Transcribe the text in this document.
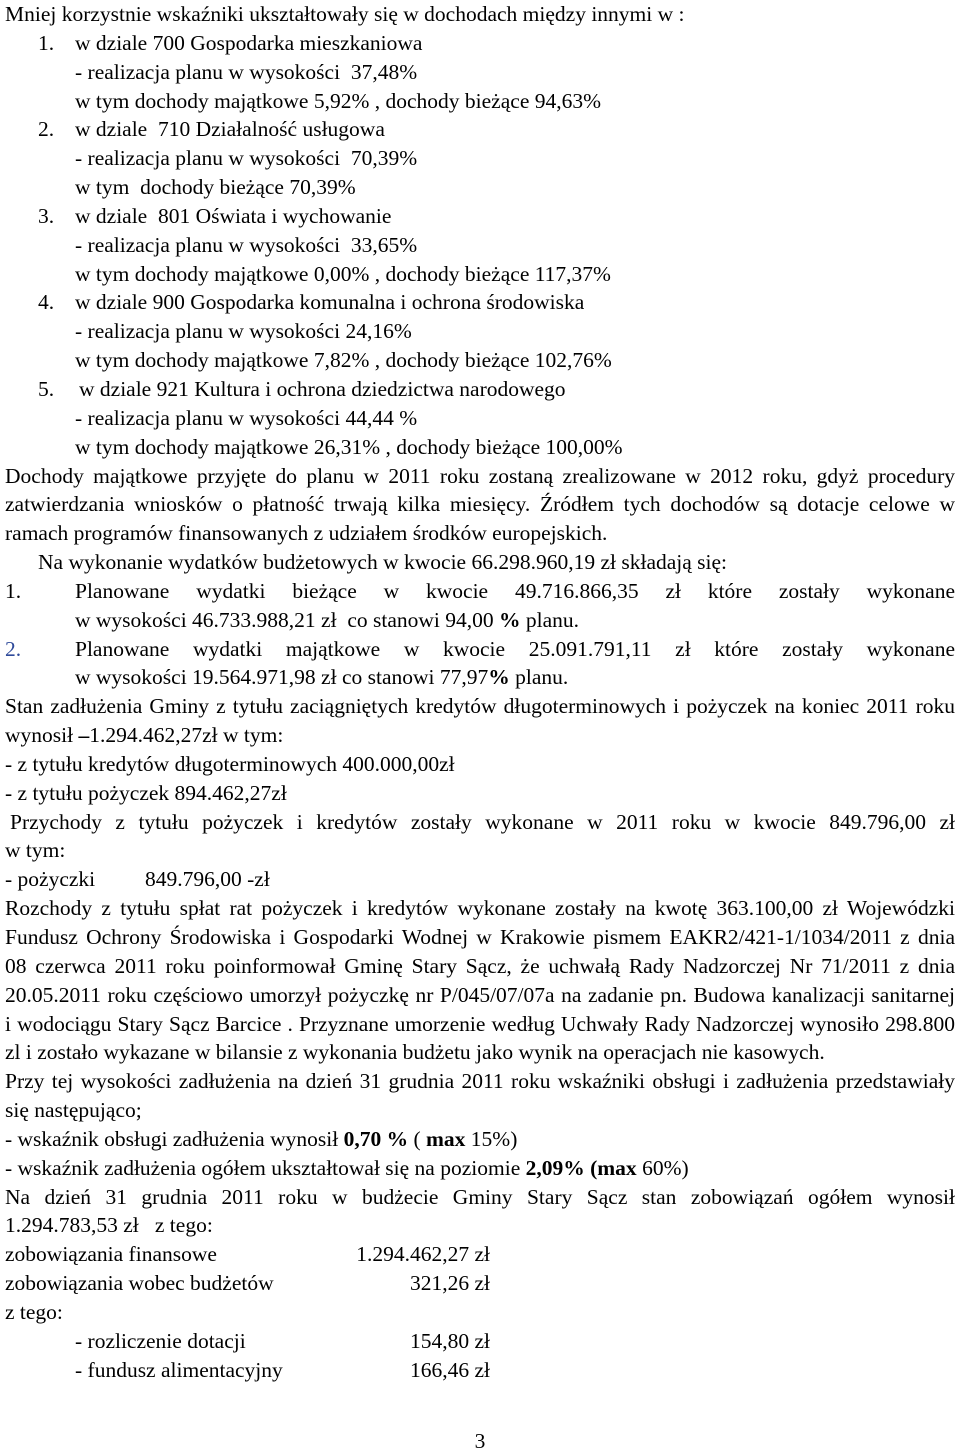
Mniej korzystnie wskaźniki ukształtowały się w dochodach między innymi w :
1. w dziale 700 Gospodarka mieszkaniowa
- realizacja planu w wysokości  37,48%
w tym dochody majątkowe 5,92% , dochody bieżące 94,63%
2. w dziale  710 Działalność usługowa
- realizacja planu w wysokości  70,39%
w tym  dochody bieżące 70,39%
3. w dziale  801 Oświata i wychowanie
- realizacja planu w wysokości  33,65%
w tym dochody majątkowe 0,00% , dochody bieżące 117,37%
4. w dziale 900 Gospodarka komunalna i ochrona środowiska
- realizacja planu w wysokości 24,16%
w tym dochody majątkowe 7,82% , dochody bieżące 102,76%
5. w dziale 921 Kultura i ochrona dziedzictwa narodowego
- realizacja planu w wysokości 44,44 %
w tym dochody majątkowe 26,31% , dochody bieżące 100,00%
Dochody majątkowe przyjęte do planu w 2011 roku zostaną zrealizowane w 2012 roku, gdyż procedury
zatwierdzania wniosków o płatność trwają kilka miesięcy. Źródłem tych dochodów są dotacje celowe w
ramach programów finansowanych z udziałem środków europejskich.
Na wykonanie wydatków budżetowych w kwocie 66.298.960,19 zł składają się:
1.	Planowane wydatki bieżące w kwocie 49.716.866,35 zł które zostały wykonane
w wysokości 46.733.988,21 zł  co stanowi 94,00 % planu.
2.	Planowane wydatki majątkowe w kwocie 25.091.791,11 zł które zostały wykonane
w wysokości 19.564.971,98 zł co stanowi 77,97% planu.
Stan zadłużenia Gminy z tytułu zaciągniętych kredytów długoterminowych i pożyczek na koniec 2011 roku
wynosił –1.294.462,27zł w tym:
- z tytułu kredytów długoterminowych 400.000,00zł
- z tytułu pożyczek 894.462,27zł
Przychody z tytułu pożyczek i kredytów zostały wykonane w 2011 roku w kwocie 849.796,00 zł
w tym:
- pożyczki 849.796,00 -zł
Rozchody z tytułu spłat rat pożyczek i kredytów wykonane zostały na kwotę 363.100,00 zł Wojewódzki
Fundusz Ochrony Środowiska i Gospodarki Wodnej w Krakowie pismem EAKR2/421-1/1034/2011 z dnia
08 czerwca 2011 roku poinformował Gminę Stary Sącz, że uchwałą Rady Nadzorczej Nr 71/2011 z dnia
20.05.2011 roku częściowo umorzył pożyczkę nr P/045/07/07a na zadanie pn. Budowa kanalizacji sanitarnej
i wodociągu Stary Sącz Barcice . Przyznane umorzenie według Uchwały Rady Nadzorczej wynosiło 298.800
zl i zostało wykazane w bilansie z wykonania budżetu jako wynik na operacjach nie kasowych.
Przy tej wysokości zadłużenia na dzień 31 grudnia 2011 roku wskaźniki obsługi i zadłużenia przedstawiały
się następująco;
- wskaźnik obsługi zadłużenia wynosił 0,70 % ( max 15%)
- wskaźnik zadłużenia ogółem ukształtował się na poziomie 2,09% (max 60%)
Na dzień 31 grudnia 2011 roku w budżecie Gminy Stary Sącz stan zobowiązań ogółem wynosił
1.294.783,53 zł   z tego:
zobowiązania finansowe	1.294.462,27 zł
zobowiązania wobec budżetów	321,26 zł
z tego:
- rozliczenie dotacji	154,80 zł
- fundusz alimentacyjny	166,46 zł
3
